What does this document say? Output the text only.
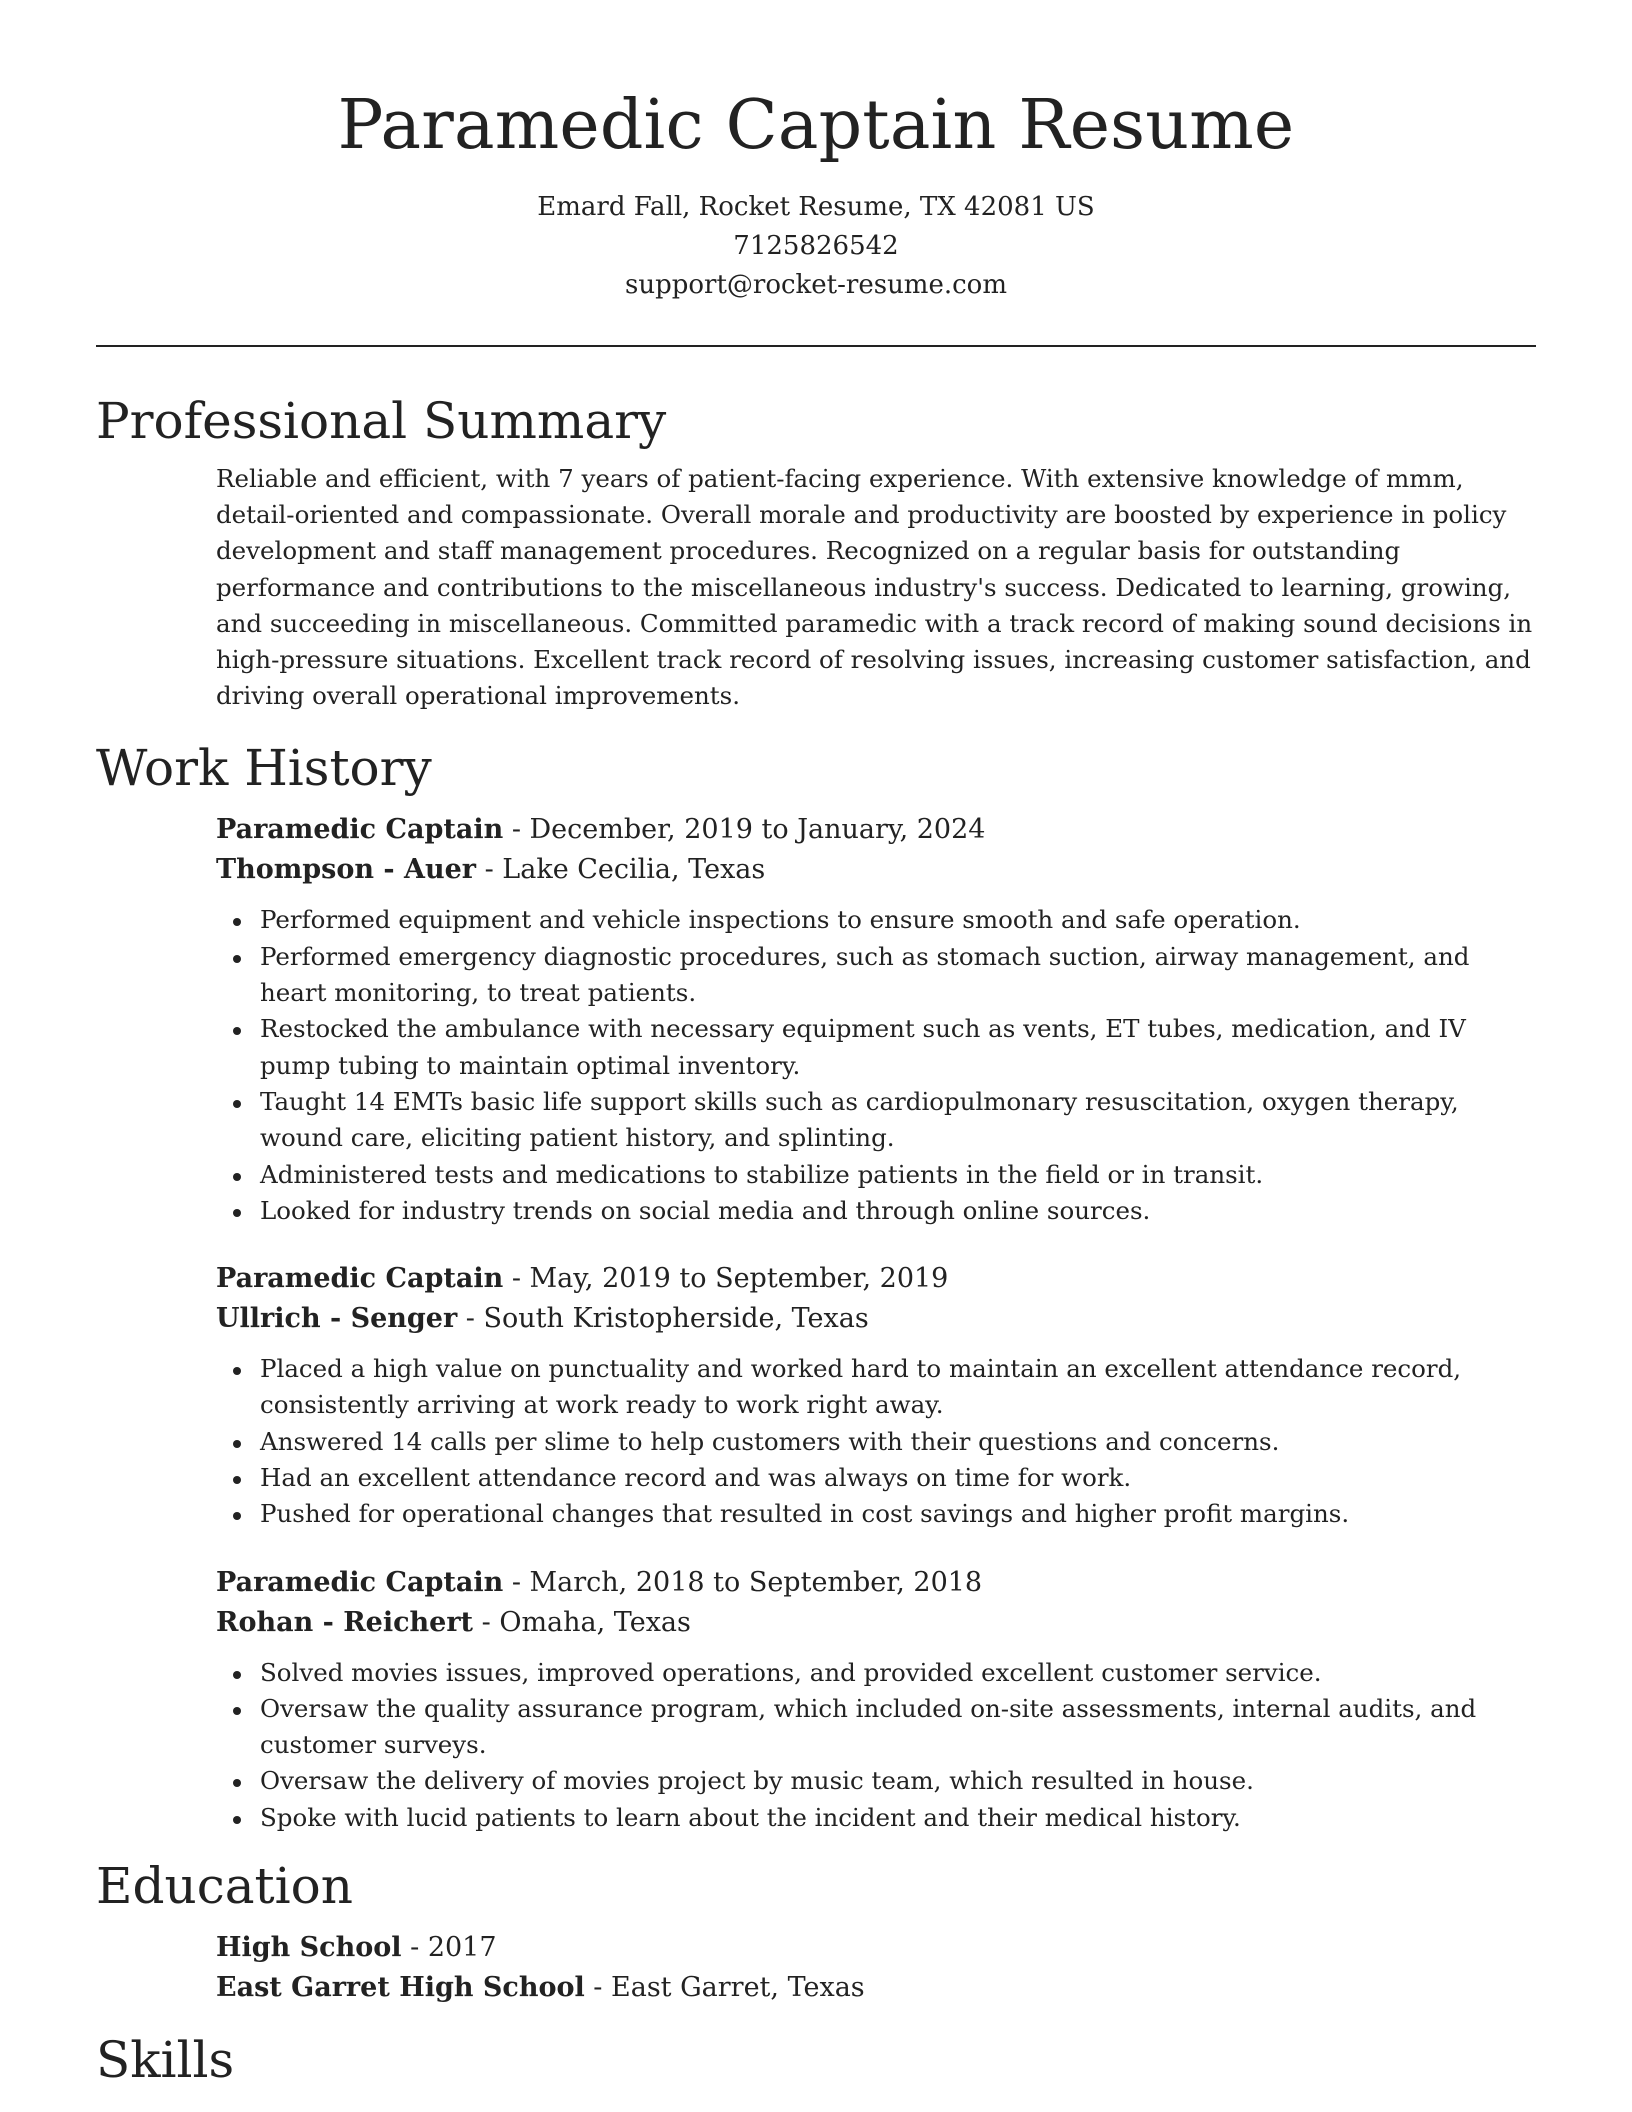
Paramedic Captain Resume
Emard Fall, Rocket Resume, TX 42081 US
7125826542
support@rocket-resume.com
Professional Summary
Reliable and efficient, with 7 years of patient-facing experience. With extensive knowledge of mmm, detail-oriented and compassionate. Overall morale and productivity are boosted by experience in policy development and staff management procedures. Recognized on a regular basis for outstanding performance and contributions to the miscellaneous industry's success. Dedicated to learning, growing, and succeeding in miscellaneous. Committed paramedic with a track record of making sound decisions in high-pressure situations. Excellent track record of resolving issues, increasing customer satisfaction, and driving overall operational improvements.
Work History
Paramedic Captain - December, 2019 to January, 2024
Thompson - Auer - Lake Cecilia, Texas
Performed equipment and vehicle inspections to ensure smooth and safe operation.
Performed emergency diagnostic procedures, such as stomach suction, airway management, and heart monitoring, to treat patients.
Restocked the ambulance with necessary equipment such as vents, ET tubes, medication, and IV pump tubing to maintain optimal inventory.
Taught 14 EMTs basic life support skills such as cardiopulmonary resuscitation, oxygen therapy, wound care, eliciting patient history, and splinting.
Administered tests and medications to stabilize patients in the field or in transit.
Looked for industry trends on social media and through online sources.
Paramedic Captain - May, 2019 to September, 2019
Ullrich - Senger - South Kristopherside, Texas
Placed a high value on punctuality and worked hard to maintain an excellent attendance record, consistently arriving at work ready to work right away.
Answered 14 calls per slime to help customers with their questions and concerns.
Had an excellent attendance record and was always on time for work.
Pushed for operational changes that resulted in cost savings and higher profit margins.
Paramedic Captain - March, 2018 to September, 2018
Rohan - Reichert - Omaha, Texas
Solved movies issues, improved operations, and provided excellent customer service.
Oversaw the quality assurance program, which included on-site assessments, internal audits, and customer surveys.
Oversaw the delivery of movies project by music team, which resulted in house.
Spoke with lucid patients to learn about the incident and their medical history.
Education
High School - 2017
East Garret High School - East Garret, Texas
Skills
